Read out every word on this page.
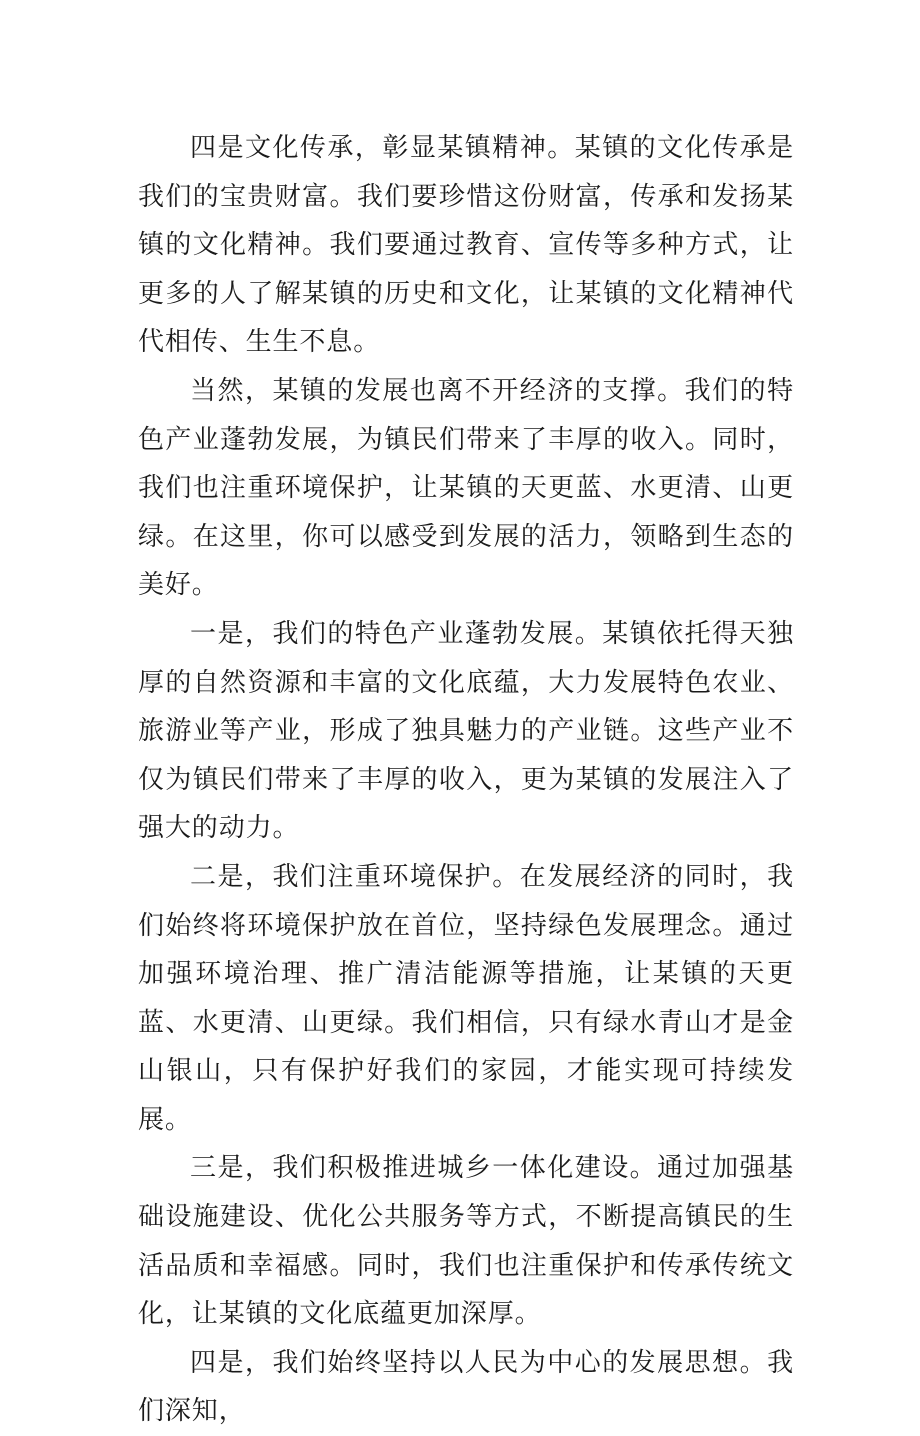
四是文化传承，彰显某镇精神。某镇的文化传承是我们的宝贵财富。我们要珍惜这份财富，传承和发扬某镇的文化精神。我们要通过教育、宣传等多种方式，让更多的人了解某镇的历史和文化，让某镇的文化精神代代相传、生生不息。

当然，某镇的发展也离不开经济的支撑。我们的特色产业蓬勃发展，为镇民们带来了丰厚的收入。同时，我们也注重环境保护，让某镇的天更蓝、水更清、山更绿。在这里，你可以感受到发展的活力，领略到生态的美好。

一是，我们的特色产业蓬勃发展。某镇依托得天独厚的自然资源和丰富的文化底蕴，大力发展特色农业、旅游业等产业，形成了独具魅力的产业链。这些产业不仅为镇民们带来了丰厚的收入，更为某镇的发展注入了强大的动力。

二是，我们注重环境保护。在发展经济的同时，我们始终将环境保护放在首位，坚持绿色发展理念。通过加强环境治理、推广清洁能源等措施，让某镇的天更蓝、水更清、山更绿。我们相信，只有绿水青山才是金山银山，只有保护好我们的家园，才能实现可持续发展。

三是，我们积极推进城乡一体化建设。通过加强基础设施建设、优化公共服务等方式，不断提高镇民的生活品质和幸福感。同时，我们也注重保护和传承传统文化，让某镇的文化底蕴更加深厚。

四是，我们始终坚持以人民为中心的发展思想。我们深知，
